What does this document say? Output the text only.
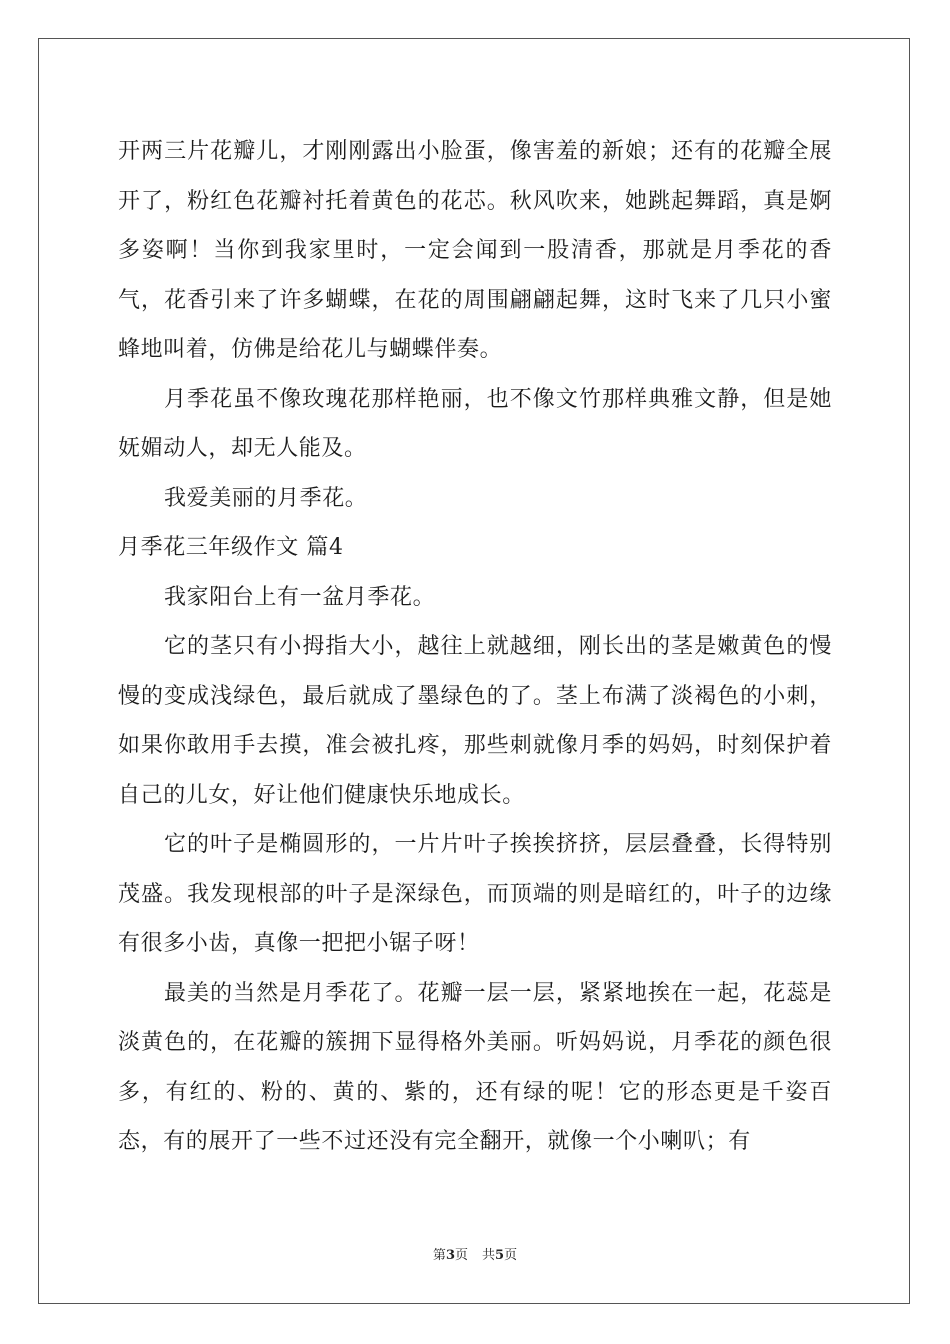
开两三片花瓣儿，才刚刚露出小脸蛋，像害羞的新娘；还有的花瓣全展开了，粉红色花瓣衬托着黄色的花芯。秋风吹来，她跳起舞蹈，真是婀多姿啊！当你到我家里时，一定会闻到一股清香，那就是月季花的香气，花香引来了许多蝴蝶，在花的周围翩翩起舞，这时飞来了几只小蜜蜂地叫着，仿佛是给花儿与蝴蝶伴奏。

月季花虽不像玫瑰花那样艳丽，也不像文竹那样典雅文静，但是她妩媚动人，却无人能及。

我爱美丽的月季花。

月季花三年级作文 篇4

我家阳台上有一盆月季花。

它的茎只有小拇指大小，越往上就越细，刚长出的茎是嫩黄色的慢慢的变成浅绿色，最后就成了墨绿色的了。茎上布满了淡褐色的小刺，如果你敢用手去摸，准会被扎疼，那些刺就像月季的妈妈，时刻保护着自己的儿女，好让他们健康快乐地成长。

它的叶子是椭圆形的，一片片叶子挨挨挤挤，层层叠叠，长得特别茂盛。我发现根部的叶子是深绿色，而顶端的则是暗红的，叶子的边缘有很多小齿，真像一把把小锯子呀！

最美的当然是月季花了。花瓣一层一层，紧紧地挨在一起，花蕊是淡黄色的，在花瓣的簇拥下显得格外美丽。听妈妈说，月季花的颜色很多，有红的、粉的、黄的、紫的，还有绿的呢！它的形态更是千姿百态，有的展开了一些不过还没有完全翻开，就像一个小喇叭；有

第3页 共5页
